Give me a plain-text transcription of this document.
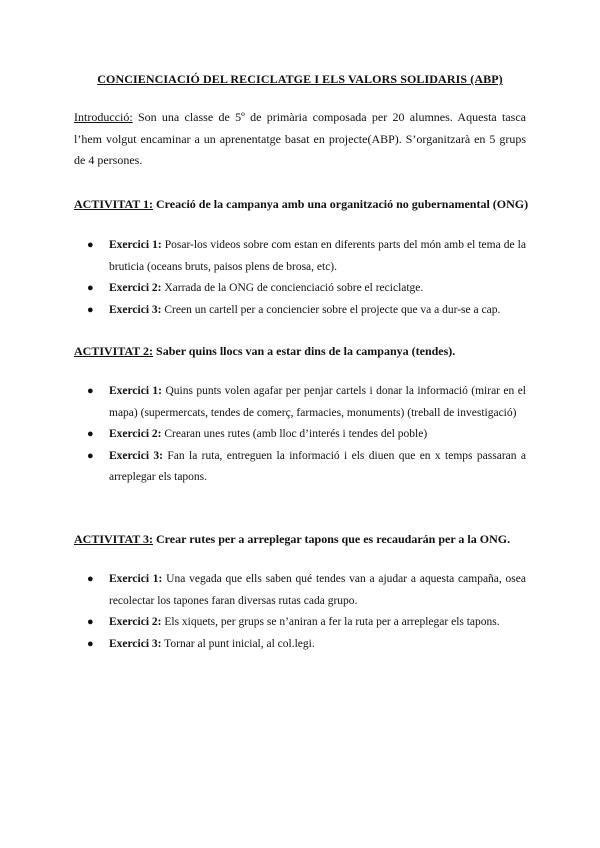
CONCIENCIACIÓ DEL RECICLATGE I ELS VALORS SOLIDARIS (ABP)
Introducció: Son una classe de 5º de primària composada per 20 alumnes. Aquesta tasca l’hem volgut encaminar a un aprenentatge basat en projecte(ABP). S’organitzarà en 5 grups de 4 persones.
ACTIVITAT 1: Creació de la campanya amb una organització no gubernamental (ONG)
● Exercici 1: Posar-los videos sobre com estan en diferents parts del món amb el tema de la bruticia (oceans bruts, paisos plens de brosa, etc).
● Exercici 2: Xarrada de la ONG de concienciació sobre el reciclatge.
● Exercici 3: Creen un cartell per a conciencier sobre el projecte que va a dur-se a cap.
ACTIVITAT 2: Saber quins llocs van a estar dins de la campanya (tendes).
● Exercici 1: Quins punts volen agafar per penjar cartels i donar la informació (mirar en el mapa) (supermercats, tendes de comerç, farmacies, monuments) (treball de investigació)
● Exercici 2: Crearan unes rutes (amb lloc d’interés i tendes del poble)
● Exercici 3: Fan la ruta, entreguen la informació i els diuen que en x temps passaran a arreplegar els tapons.
ACTIVITAT 3: Crear rutes per a arreplegar tapons que es recaudarán per a la ONG.
● Exercici 1: Una vegada que ells saben qué tendes van a ajudar a aquesta campaña, osea recolectar los tapones faran diversas rutas cada grupo.
● Exercici 2: Els xiquets, per grups se n’aniran a fer la ruta per a arreplegar els tapons.
● Exercici 3: Tornar al punt inicial, al col.legi.
